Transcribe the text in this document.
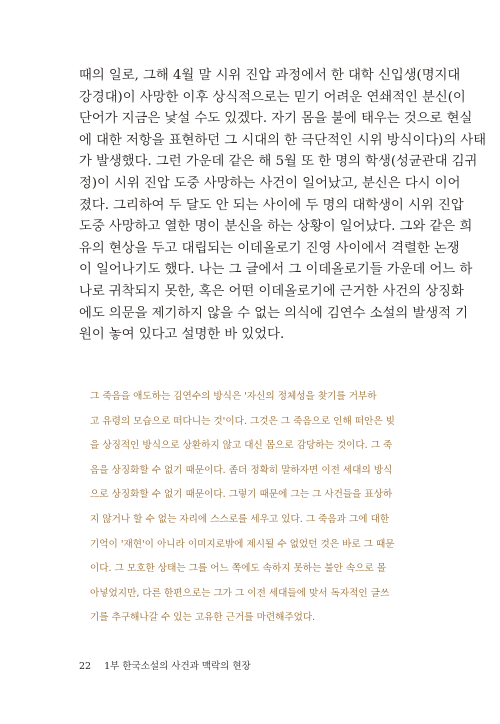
때의 일로, 그해 4월 말 시위 진압 과정에서 한 대학 신입생(명지대
강경대)이 사망한 이후 상식적으로는 믿기 어려운 연쇄적인 분신(이
단어가 지금은 낯설 수도 있겠다. 자기 몸을 불에 태우는 것으로 현실
에 대한 저항을 표현하던 그 시대의 한 극단적인 시위 방식이다)의 사태
가 발생했다. 그런 가운데 같은 해 5월 또 한 명의 학생(성균관대 김귀
정)이 시위 진압 도중 사망하는 사건이 일어났고, 분신은 다시 이어
졌다. 그리하여 두 달도 안 되는 사이에 두 명의 대학생이 시위 진압
도중 사망하고 열한 명이 분신을 하는 상황이 일어났다. 그와 같은 희
유의 현상을 두고 대립되는 이데올로기 진영 사이에서 격렬한 논쟁
이 일어나기도 했다. 나는 그 글에서 그 이데올로기들 가운데 어느 하
나로 귀착되지 못한, 혹은 어떤 이데올로기에 근거한 사건의 상징화
에도 의문을 제기하지 않을 수 없는 의식에 김연수 소설의 발생적 기
원이 놓여 있다고 설명한 바 있었다.
그 죽음을 애도하는 김연수의 방식은 '자신의 정체성을 찾기를 거부하
고 유령의 모습으로 떠다니는 것'이다. 그것은 그 죽음으로 인해 떠안은 빚
을 상징적인 방식으로 상환하지 않고 대신 몸으로 감당하는 것이다. 그 죽
음을 상징화할 수 없기 때문이다. 좀더 정확히 말하자면 이전 세대의 방식
으로 상징화할 수 없기 때문이다. 그렇기 때문에 그는 그 사건들을 표상하
지 않거나 할 수 없는 자리에 스스로를 세우고 있다. 그 죽음과 그에 대한
기억이 '재현'이 아니라 이미지로밖에 제시될 수 없었던 것은 바로 그 때문
이다. 그 모호한 상태는 그를 어느 쪽에도 속하지 못하는 불안 속으로 몰
아넣었지만, 다른 한편으로는 그가 그 이전 세대들에 맞서 독자적인 글쓰
기를 추구해나갈 수 있는 고유한 근거를 마련해주었다.
22 1부 한국소설의 사건과 맥락의 현장
